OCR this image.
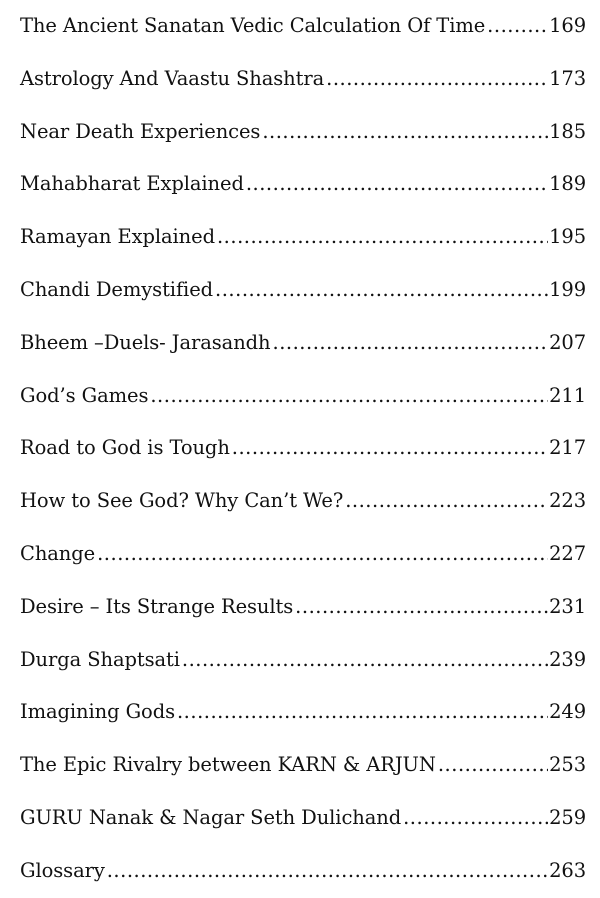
The Ancient Sanatan Vedic Calculation Of Time .....	169
Astrology And Vaastu Shashtra .....	173
Near Death Experiences .....	185
Mahabharat Explained .....	189
Ramayan Explained .....	195
Chandi Demystified .....	199
Bheem –Duels- Jarasandh .....	207
God’s Games .....	211
Road to God is Tough .....	217
How to See God? Why Can’t We? .....	223
Change .....	227
Desire – Its Strange Results .....	231
Durga Shaptsati .....	239
Imagining Gods .....	249
The Epic Rivalry between KARN & ARJUN .....	253
GURU Nanak & Nagar Seth Dulichand .....	259
Glossary .....	263
